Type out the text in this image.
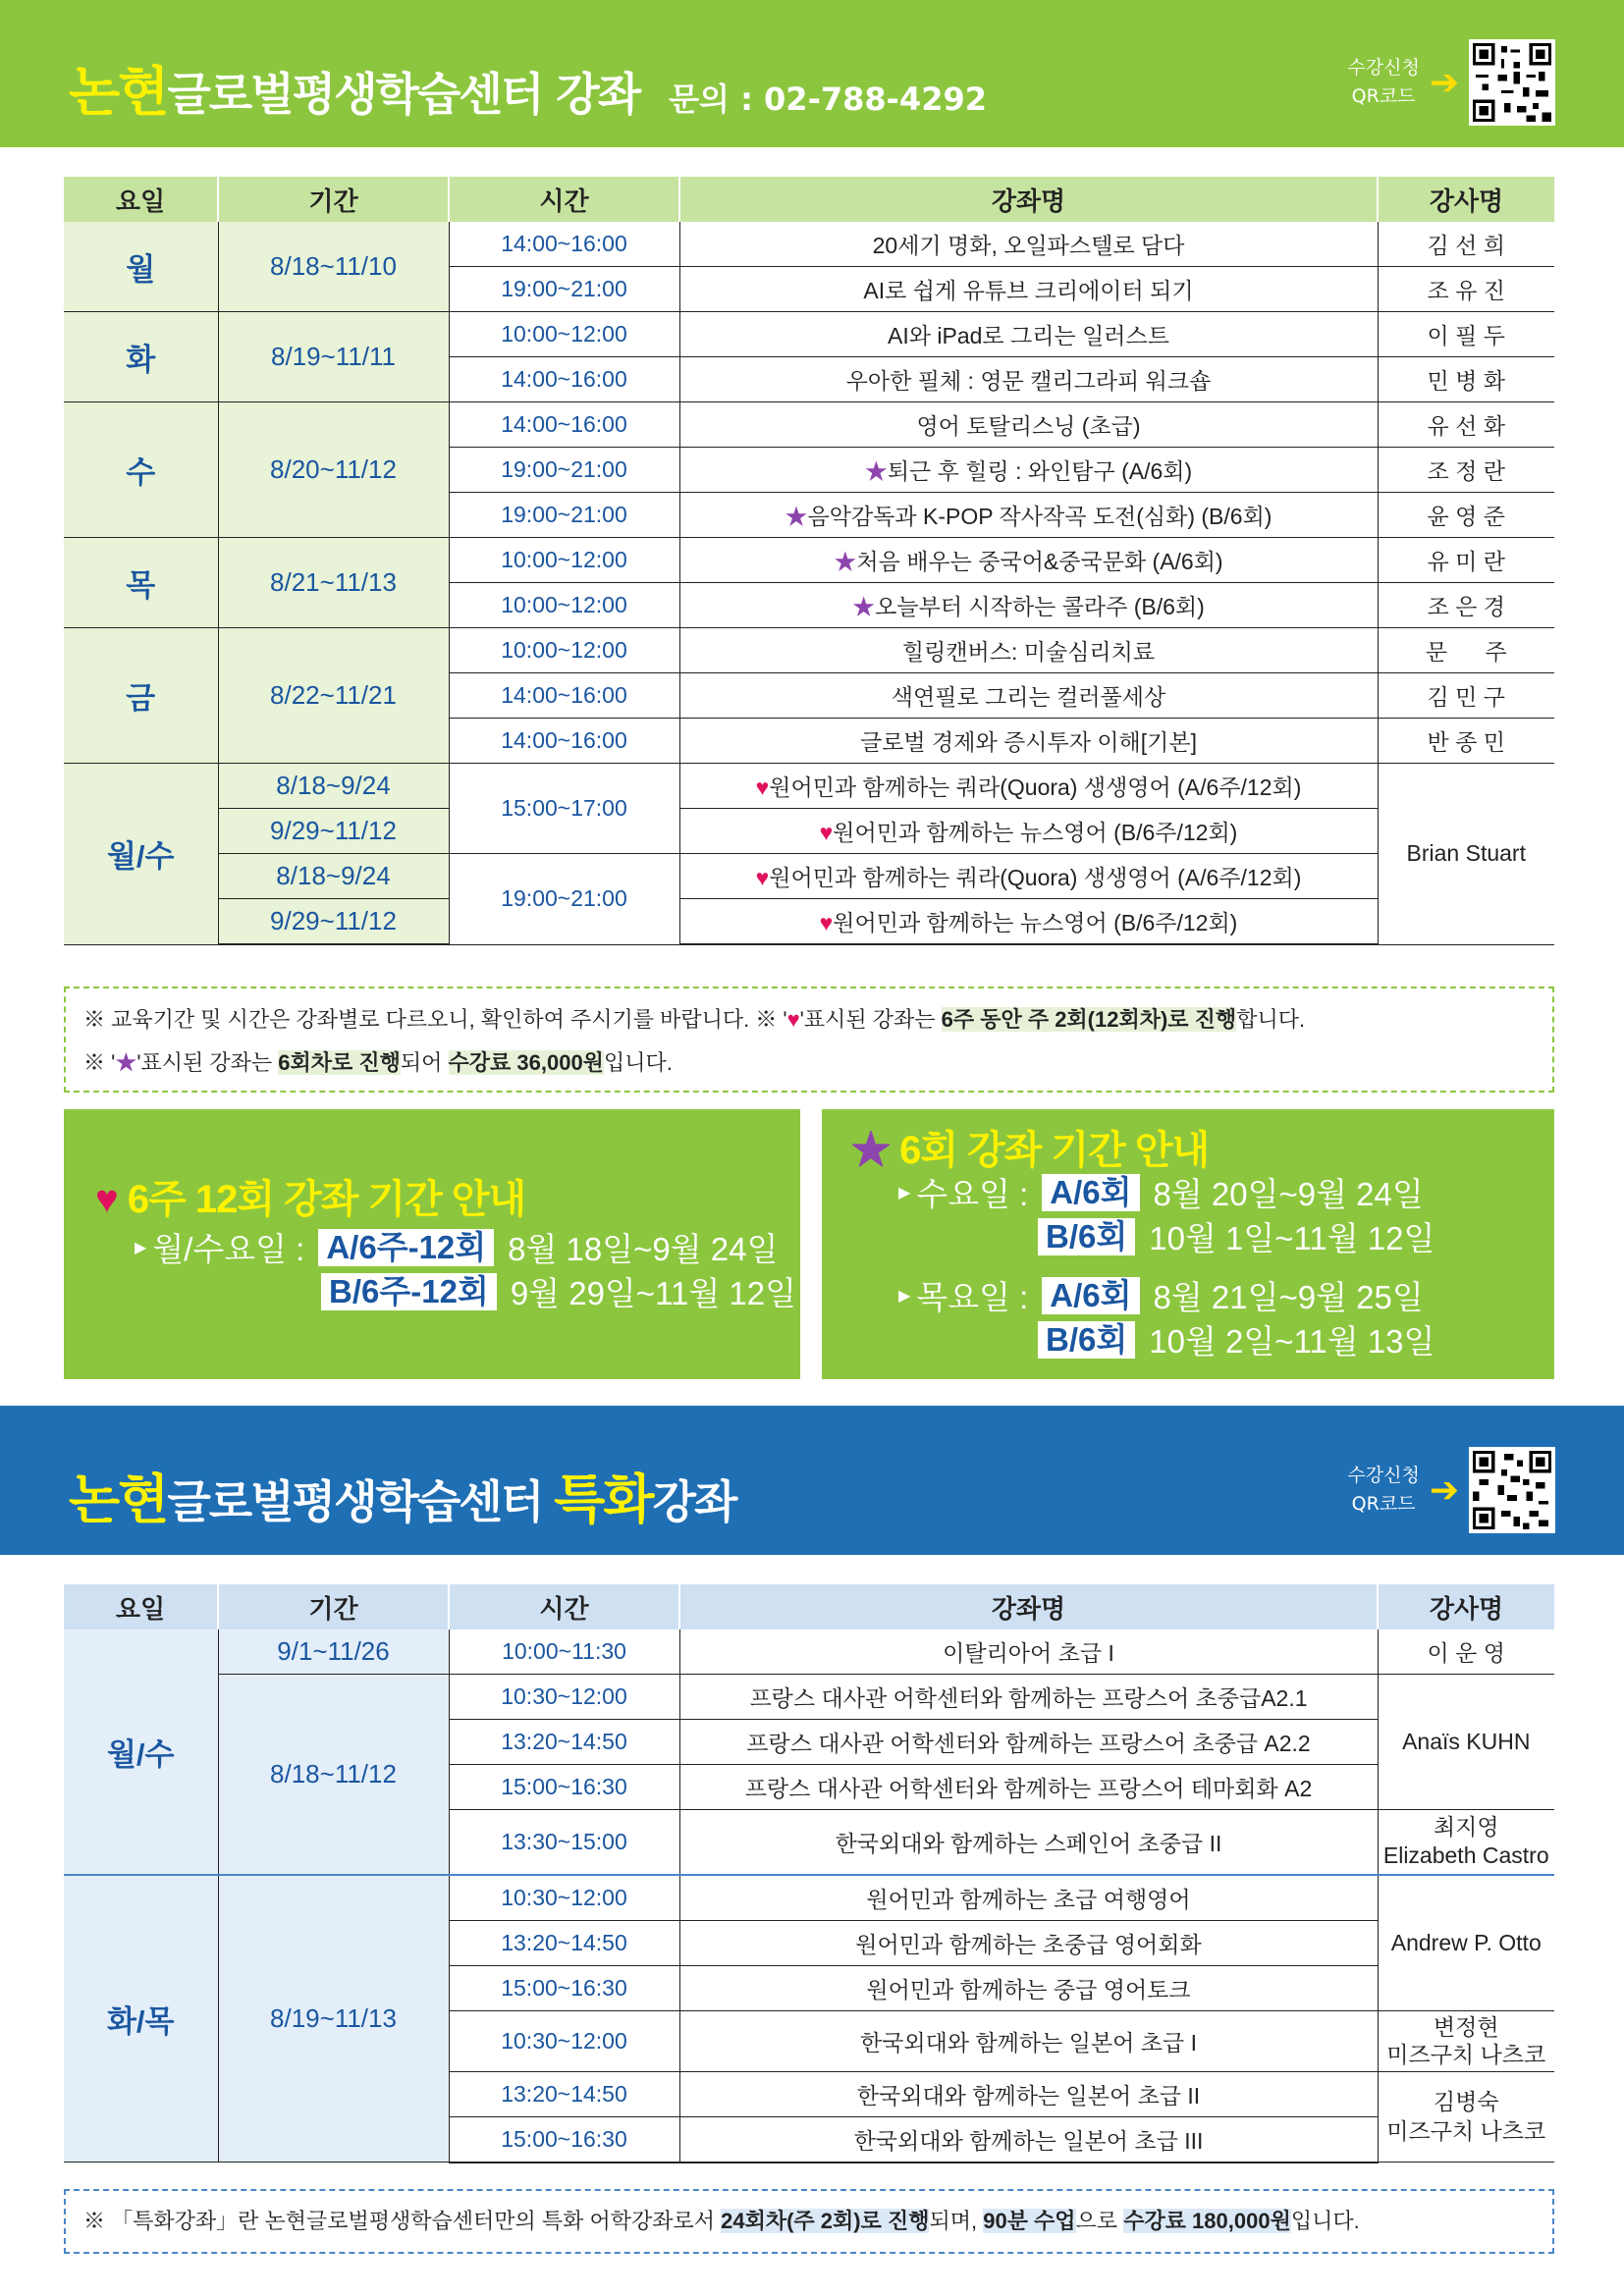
논현 글로벌평생학습센터 강좌 문의 : 02-788-4292
수강신청
QR코드 ➔
요일	기간	시간	강좌명	강사명
월	8/18~11/10	14:00~16:00	20세기 명화, 오일파스텔로 담다	김 선 희
		19:00~21:00	AI로 쉽게 유튜브 크리에이터 되기	조 유 진
화	8/19~11/11	10:00~12:00	AI와 iPad로 그리는 일러스트	이 필 두
		14:00~16:00	우아한 필체 : 영문 캘리그라피 워크숍	민 병 화
수	8/20~11/12	14:00~16:00	영어 토탈리스닝 (초급)	유 선 화
		19:00~21:00	★퇴근 후 힐링 : 와인탐구 (A/6회)	조 정 란
		19:00~21:00	★음악감독과 K-POP 작사작곡 도전(심화) (B/6회)	윤 영 준
목	8/21~11/13	10:00~12:00	★처음 배우는 중국어&중국문화 (A/6회)	유 미 란
		10:00~12:00	★오늘부터 시작하는 콜라주 (B/6회)	조 은 경
금	8/22~11/21	10:00~12:00	힐링캔버스: 미술심리치료	문      주
		14:00~16:00	색연필로 그리는 컬러풀세상	김 민 구
		14:00~16:00	글로벌 경제와 증시투자 이해[기본]	반 종 민
월/수	8/18~9/24	15:00~17:00	♥원어민과 함께하는 쿼라(Quora) 생생영어 (A/6주/12회)	Brian Stuart
	9/29~11/12		♥원어민과 함께하는 뉴스영어 (B/6주/12회)	
	8/18~9/24	19:00~21:00	♥원어민과 함께하는 쿼라(Quora) 생생영어 (A/6주/12회)	
	9/29~11/12		♥원어민과 함께하는 뉴스영어 (B/6주/12회)	

※ 교육기간 및 시간은 강좌별로 다르오니, 확인하여 주시기를 바랍니다. ※ '♥'표시된 강좌는 6주 동안 주 2회(12회차)로 진행합니다.

※ '★'표시된 강좌는 6회차로 진행되어 수강료 36,000원입니다.

♥ 6주 12회 강좌 기간 안내
▶ 월/수요일 : A/6주-12회 8월 18일~9월 24일
B/6주-12회 9월 29일~11월 12일
★ 6회 강좌 기간 안내
▶ 수요일 : A/6회 8월 20일~9월 24일
B/6회 10월 1일~11월 12일
▶ 목요일 : A/6회 8월 21일~9월 25일
B/6회 10월 2일~11월 13일
논현 글로벌평생학습센터 특화 강좌	수강신청
QR코드 ➔
요일	기간	시간	강좌명	강사명
월/수	9/1~11/26	10:00~11:30	이탈리아어 초급 I	이 운 영
	8/18~11/12	10:30~12:00	프랑스 대사관 어학센터와 함께하는 프랑스어 초중급A2.1	Anaïs KUHN
		13:20~14:50	프랑스 대사관 어학센터와 함께하는 프랑스어 초중급 A2.2	
		15:00~16:30	프랑스 대사관 어학센터와 함께하는 프랑스어 테마회화 A2	
		13:30~15:00	한국외대와 함께하는 스페인어 초중급 II	최지영
Elizabeth Castro

화/목	8/19~11/13	10:30~12:00	원어민과 함께하는 초급 여행영어	Andrew P. Otto
		13:20~14:50	원어민과 함께하는 초중급 영어회화	
		15:00~16:30	원어민과 함께하는 중급 영어토크	
		10:30~12:00	한국외대와 함께하는 일본어 초급 I	변정현
미즈구치 나츠코

		13:20~14:50	한국외대와 함께하는 일본어 초급 II	김병숙
미즈구치 나츠코

		15:00~16:30	한국외대와 함께하는 일본어 초급 III	

※ 「특화강좌」란 논현글로벌평생학습센터만의 특화 어학강좌로서 24회차(주 2회)로 진행되며, 90분 수업으로 수강료 180,000원입니다.
